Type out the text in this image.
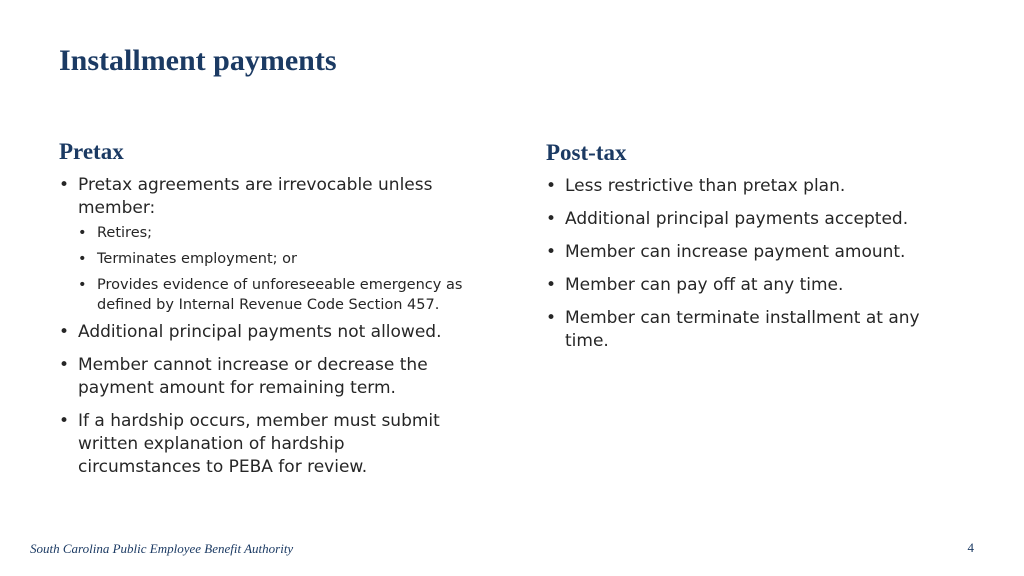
Installment payments
Pretax
• Pretax agreements are irrevocable unless member:
• Retires;
• Terminates employment; or
• Provides evidence of unforeseeable emergency as defined by Internal Revenue Code Section 457.
• Additional principal payments not allowed.
• Member cannot increase or decrease the payment amount for remaining term.
• If a hardship occurs, member must submit written explanation of hardship circumstances to PEBA for review.
Post-tax
• Less restrictive than pretax plan.
• Additional principal payments accepted.
• Member can increase payment amount.
• Member can pay off at any time.
• Member can terminate installment at any time.
South Carolina Public Employee Benefit Authority	4
